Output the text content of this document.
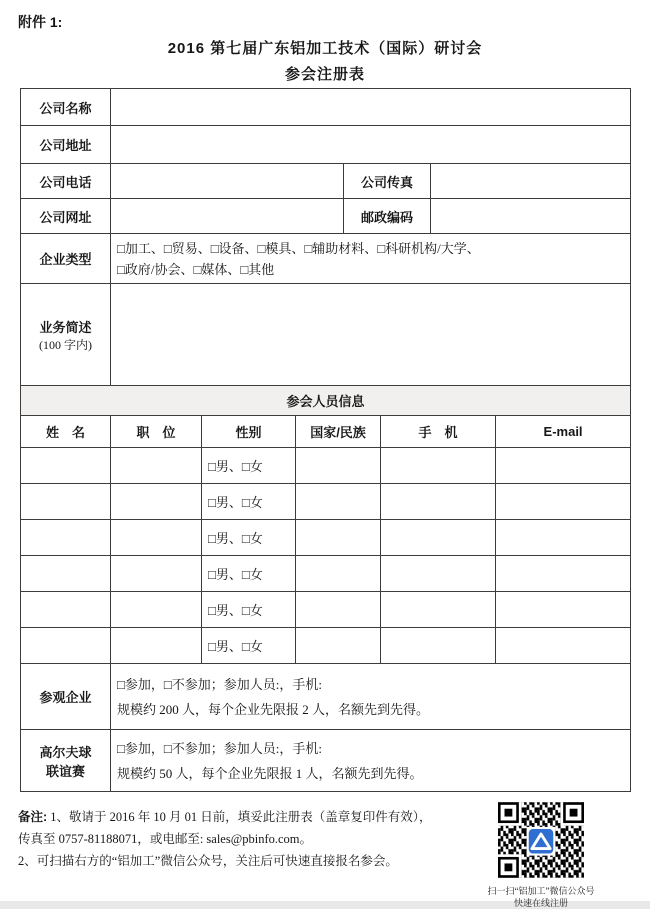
附件 1:
2016 第七届广东铝加工技术（国际）研讨会
参会注册表
公司名称			
公司地址			
公司电话		公司传真	
公司网址		邮政编码	
企业类型	□加工、□贸易、□设备、□模具、□辅助材料、□科研机构/大学、
□政府/协会、□媒体、□其他		

业务简述
(100 字内)			

参会人员信息					
姓　名	职　位	性别	国家/民族	手　机	E-mail
		□男、□女			
		□男、□女			
		□男、□女			
		□男、□女			
		□男、□女			
		□男、□女			
参观企业	□参加，□不参加；参加人员:，手机:
规模约 200 人，每个企业先限报 2 人，名额先到先得。

高尔夫球
联谊赛

□参加，□不参加；参加人员:，手机:
规模约 50 人，每个企业先限报 1 人，名额先到先得。
备注: 1、敬请于 2016 年 10 月 01 日前，填妥此注册表（盖章复印件有效），
传真至 0757-81188071，或电邮至: sales@pbinfo.com。
2、可扫描右方的“铝加工”微信公众号，关注后可快速直接报名参会。
扫一扫“铝加工”微信公众号
快速在线注册
